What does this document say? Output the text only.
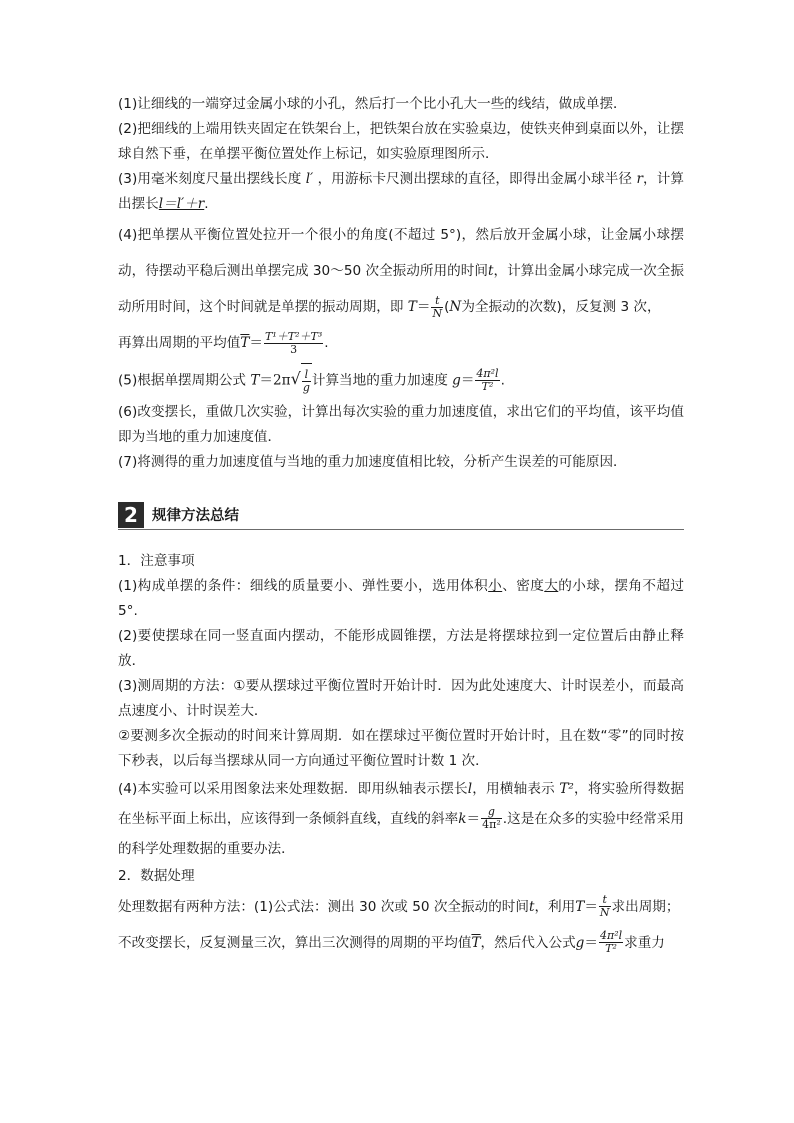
(1)让细线的一端穿过金属小球的小孔，然后打一个比小孔大一些的线结，做成单摆．

(2)把细线的上端用铁夹固定在铁架台上，把铁架台放在实验桌边，使铁夹伸到桌面以外，让摆球自然下垂，在单摆平衡位置处作上标记，如实验原理图所示．

(3)用毫米刻度尺量出摆线长度 l′ ，用游标卡尺测出摆球的直径，即得出金属小球半径 r，计算出摆长l＝l′＋r.

(4)把单摆从平衡位置处拉开一个很小的角度(不超过 5°)，然后放开金属小球，让金属小球摆动，待摆动平稳后测出单摆完成 30～50 次全振动所用的时间t，计算出金属小球完成一次全振动所用时间，这个时间就是单摆的振动周期，即 $T= \frac{t}{N} (N$为全振动的次数)，反复测 3 次，
再算出周期的平均值$\overline{T}= \frac{\text{T¹＋T²＋T³}}{3}$ .

(5)根据单摆周期公式 $T=2\pi√ \frac{l}{g}$ 计算当地的重力加速度 $g= \frac{\text{4π²l}}{\text{T²}}$ .

(6)改变摆长，重做几次实验，计算出每次实验的重力加速度值，求出它们的平均值，该平均值即为当地的重力加速度值．

(7)将测得的重力加速度值与当地的重力加速度值相比较，分析产生误差的可能原因．

2 规律方法总结

1．注意事项

(1)构成单摆的条件：细线的质量要小、弹性要小，选用体积小、密度大的小球，摆角不超过 5°.

(2)要使摆球在同一竖直面内摆动，不能形成圆锥摆，方法是将摆球拉到一定位置后由静止释放．

(3)测周期的方法：①要从摆球过平衡位置时开始计时．因为此处速度大、计时误差小，而最高点速度小、计时误差大．

②要测多次全振动的时间来计算周期．如在摆球过平衡位置时开始计时，且在数“零”的同时按下秒表，以后每当摆球从同一方向通过平衡位置时计数 1 次．

(4)本实验可以采用图象法来处理数据．即用纵轴表示摆长l，用横轴表示 T²，将实验所得数据在坐标平面上标出，应该得到一条倾斜直线，直线的斜率$k= \frac{g}{\text{4π²}}$ .这是在众多的实验中经常采用的科学处理数据的重要办法．

2．数据处理

处理数据有两种方法：(1)公式法：测出 30 次或 50 次全振动的时间t，利用$T= \frac{t}{N}$ 求出周期；
不改变摆长，反复测量三次，算出三次测得的周期的平均值$\overline{T}$，然后代入公式$g= \frac{\text{4π²l}}{\text{T²}}$ 求重力
